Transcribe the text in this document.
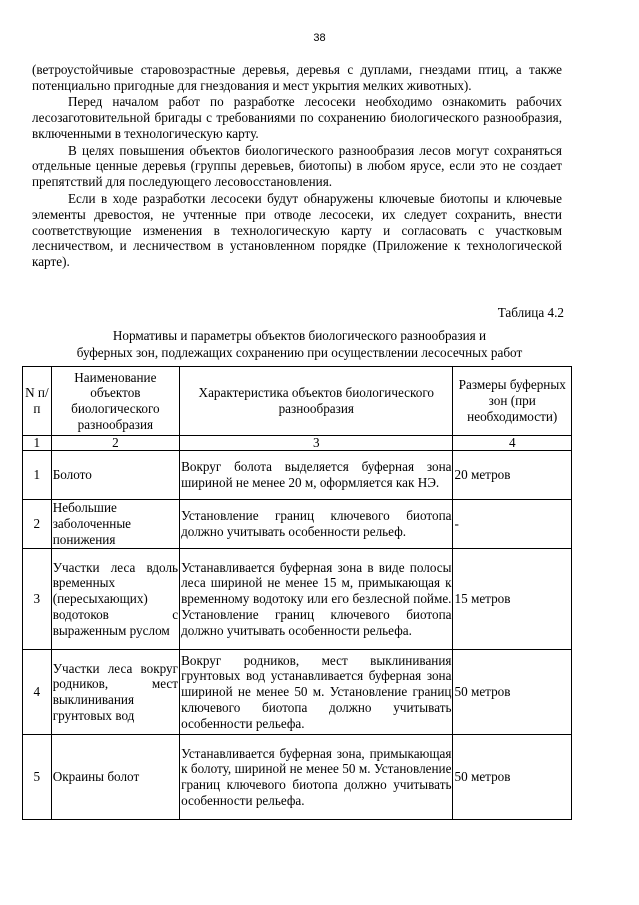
38

(ветроустойчивые старовозрастные деревья, деревья с дуплами, гнездами птиц, а также потенциально пригодные для гнездования и мест укрытия мелких животных).

Перед началом работ по разработке лесосеки необходимо ознакомить рабочих лесозаготовительной бригады с требованиями по сохранению биологического разнообразия, включенными в технологическую карту.

В целях повышения объектов биологического разнообразия лесов могут сохраняться отдельные ценные деревья (группы деревьев, биотопы) в любом ярусе, если это не создает препятствий для последующего лесовосстановления.

Если в ходе разработки лесосеки будут обнаружены ключевые биотопы и ключевые элементы древостоя, не учтенные при отводе лесосеки, их следует сохранить, внести соответствующие изменения в технологическую карту и согласовать с участковым лесничеством, и лесничеством в установленном порядке (Приложение к технологической карте).

Таблица 4.2
Нормативы и параметры объектов биологического разнообразия и
буферных зон, подлежащих сохранению при осуществлении лесосечных работ
N п/п	Наименование объектов биологического разнообразия	Характеристика объектов биологического разнообразия	Размеры буферных зон (при необходимости)
1	2	3	4
1	Болото	Вокруг болота выделяется буферная зона шириной не менее 20 м, оформляется как НЭ.	20 метров
2	Небольшие заболоченные понижения	Установление границ ключевого биотопа должно учитывать особенности рельеф.	-
3	Участки леса вдоль временных (пересыхающих) водотоков с выраженным руслом	Устанавливается буферная зона в виде полосы леса шириной не менее 15 м, примыкающая к временному водотоку или его безлесной пойме. Установление границ ключевого биотопа должно учитывать особенности рельефа.	15 метров
4	Участки леса вокруг родников, мест выклинивания грунтовых вод	Вокруг родников, мест выклинивания грунтовых вод устанавливается буферная зона шириной не менее 50 м. Установление границ ключевого биотопа должно учитывать особенности рельефа.	50 метров
5	Окраины болот	Устанавливается буферная зона, примыкающая к болоту, шириной не менее 50 м. Установление границ ключевого биотопа должно учитывать особенности рельефа.	50 метров
